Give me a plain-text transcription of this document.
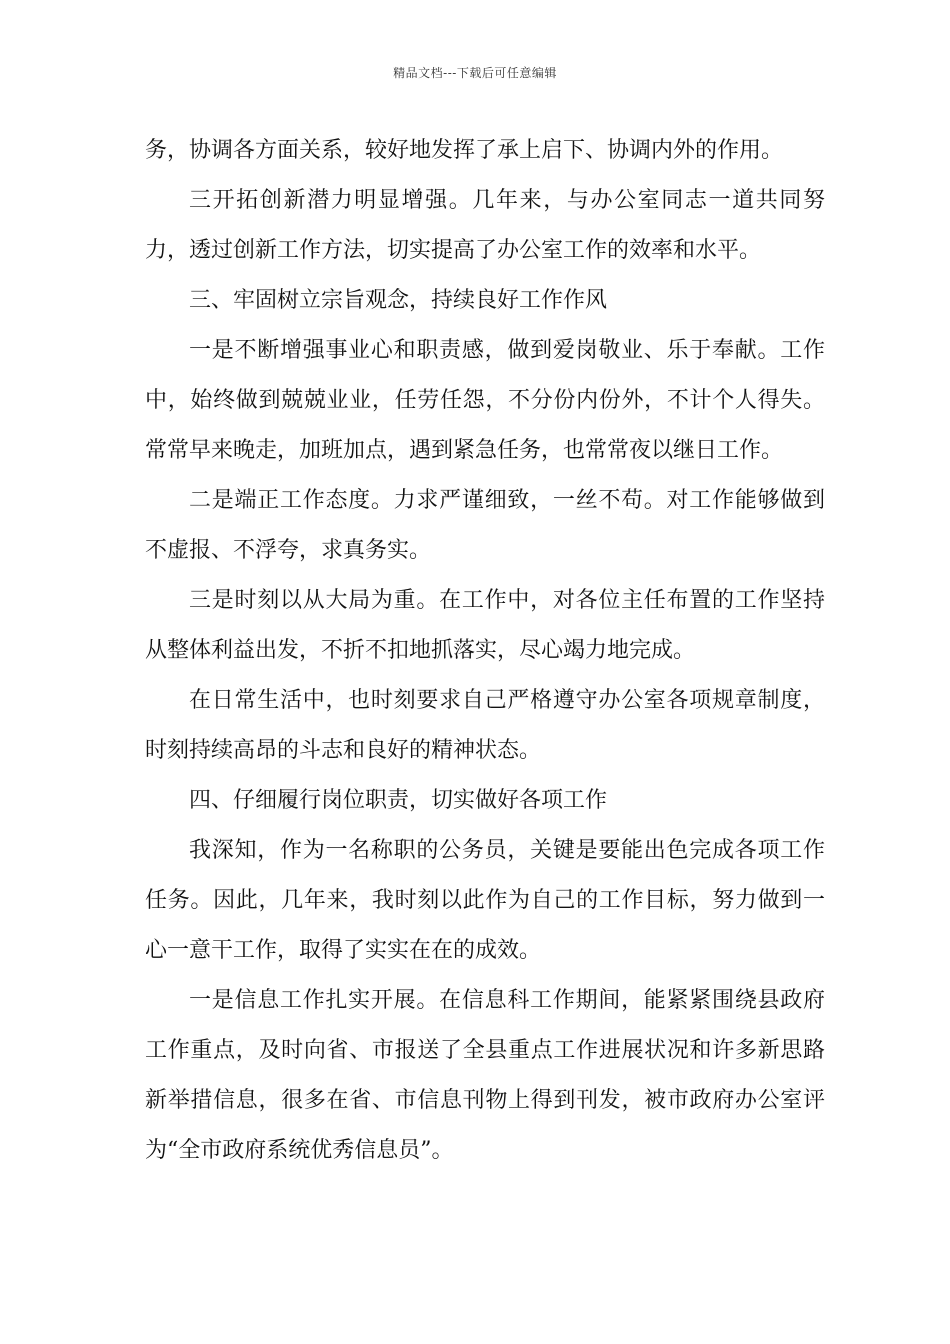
精品文档---下载后可任意编辑

务，协调各方面关系，较好地发挥了承上启下、协调内外的作用。

三开拓创新潜力明显增强。几年来，与办公室同志一道共同努力，透过创新工作方法，切实提高了办公室工作的效率和水平。

三、牢固树立宗旨观念，持续良好工作作风

一是不断增强事业心和职责感，做到爱岗敬业、乐于奉献。工作中，始终做到兢兢业业，任劳任怨，不分份内份外，不计个人得失。常常早来晚走，加班加点，遇到紧急任务，也常常夜以继日工作。

二是端正工作态度。力求严谨细致，一丝不苟。对工作能够做到不虚报、不浮夸，求真务实。

三是时刻以从大局为重。在工作中，对各位主任布置的工作坚持从整体利益出发，不折不扣地抓落实，尽心竭力地完成。

在日常生活中，也时刻要求自己严格遵守办公室各项规章制度，时刻持续高昂的斗志和良好的精神状态。

四、仔细履行岗位职责，切实做好各项工作

我深知，作为一名称职的公务员，关键是要能出色完成各项工作任务。因此，几年来，我时刻以此作为自己的工作目标，努力做到一心一意干工作，取得了实实在在的成效。

一是信息工作扎实开展。在信息科工作期间，能紧紧围绕县政府工作重点，及时向省、市报送了全县重点工作进展状况和许多新思路新举措信息，很多在省、市信息刊物上得到刊发，被市政府办公室评为“全市政府系统优秀信息员”。
